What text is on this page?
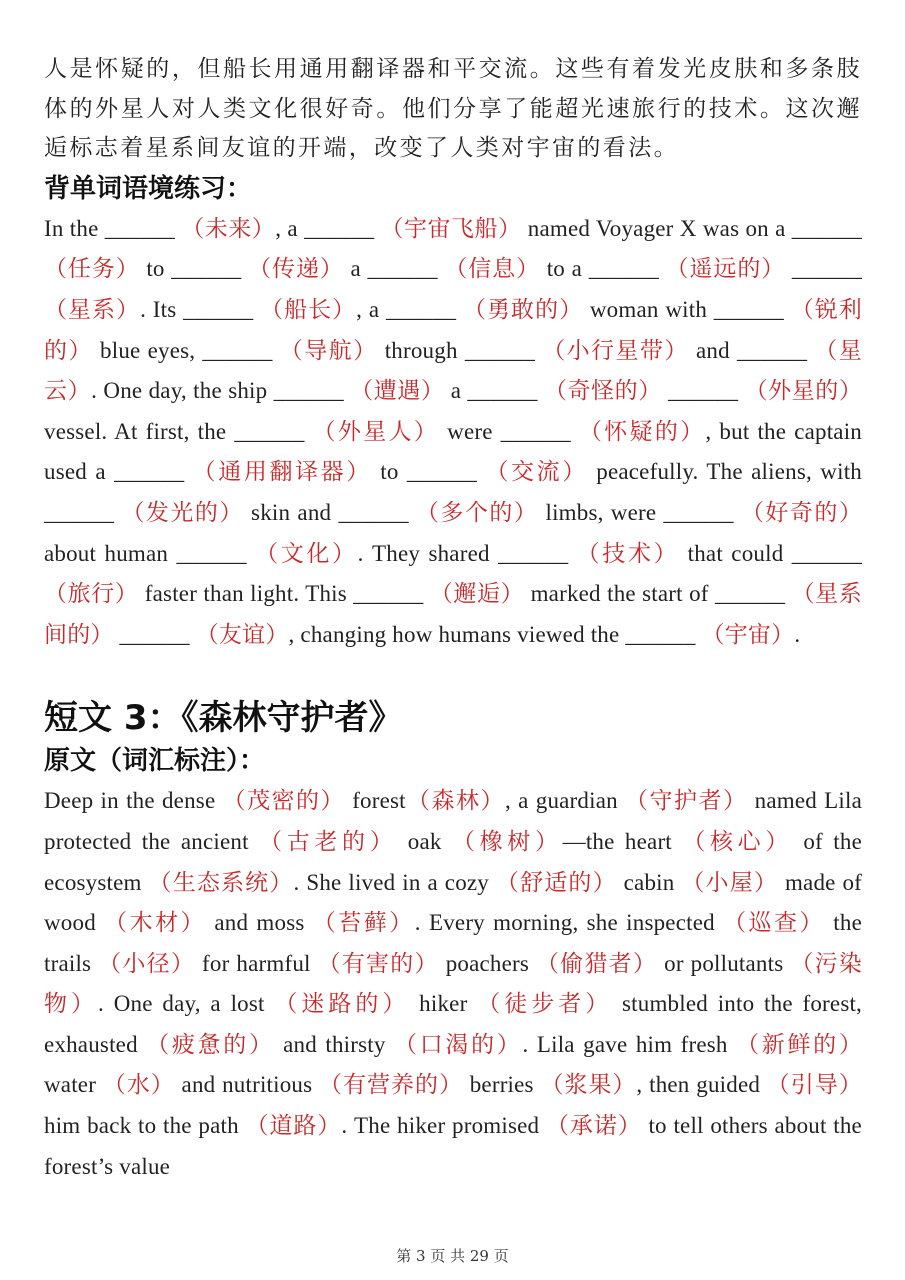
人是怀疑的，但船长用通用翻译器和平交流。这些有着发光皮肤和多条肢体的外星人对人类文化很好奇。他们分享了能超光速旅行的技术。这次邂逅标志着星系间友谊的开端，改变了人类对宇宙的看法。
背单词语境练习：
In the ______ （未来）, a ______ （宇宙飞船） named Voyager X was on a ______ （任务） to ______ （传递） a ______ （信息） to a ______ （遥远的） ______ （星系）. Its ______ （船长）, a ______ （勇敢的） woman with ______ （锐利的） blue eyes, ______ （导航） through ______ （小行星带） and ______ （星云）. One day, the ship ______ （遭遇） a ______ （奇怪的） ______ （外星的） vessel. At first, the ______ （外星人） were ______ （怀疑的）, but the captain used a ______ （通用翻译器） to ______ （交流） peacefully. The aliens, with ______ （发光的） skin and ______ （多个的） limbs, were ______ （好奇的） about human ______ （文化）. They shared ______ （技术） that could ______ （旅行） faster than light. This ______ （邂逅） marked the start of ______ （星系间的） ______ （友谊）, changing how humans viewed the ______ （宇宙）.
短文 3：《森林守护者》
原文（词汇标注）：
Deep in the dense （茂密的） forest（森林）, a guardian （守护者） named Lila protected the ancient （古老的） oak （橡树）—the heart （核心） of the ecosystem （生态系统）. She lived in a cozy （舒适的） cabin （小屋） made of wood （木材） and moss （苔藓）. Every morning, she inspected （巡查） the trails （小径） for harmful （有害的） poachers （偷猎者） or pollutants （污染物）. One day, a lost （迷路的） hiker （徒步者） stumbled into the forest, exhausted （疲惫的） and thirsty （口渴的）. Lila gave him fresh （新鲜的） water （水） and nutritious （有营养的） berries （浆果）, then guided （引导） him back to the path （道路）. The hiker promised （承诺） to tell others about the forest’s value
第 3 页 共 29 页
